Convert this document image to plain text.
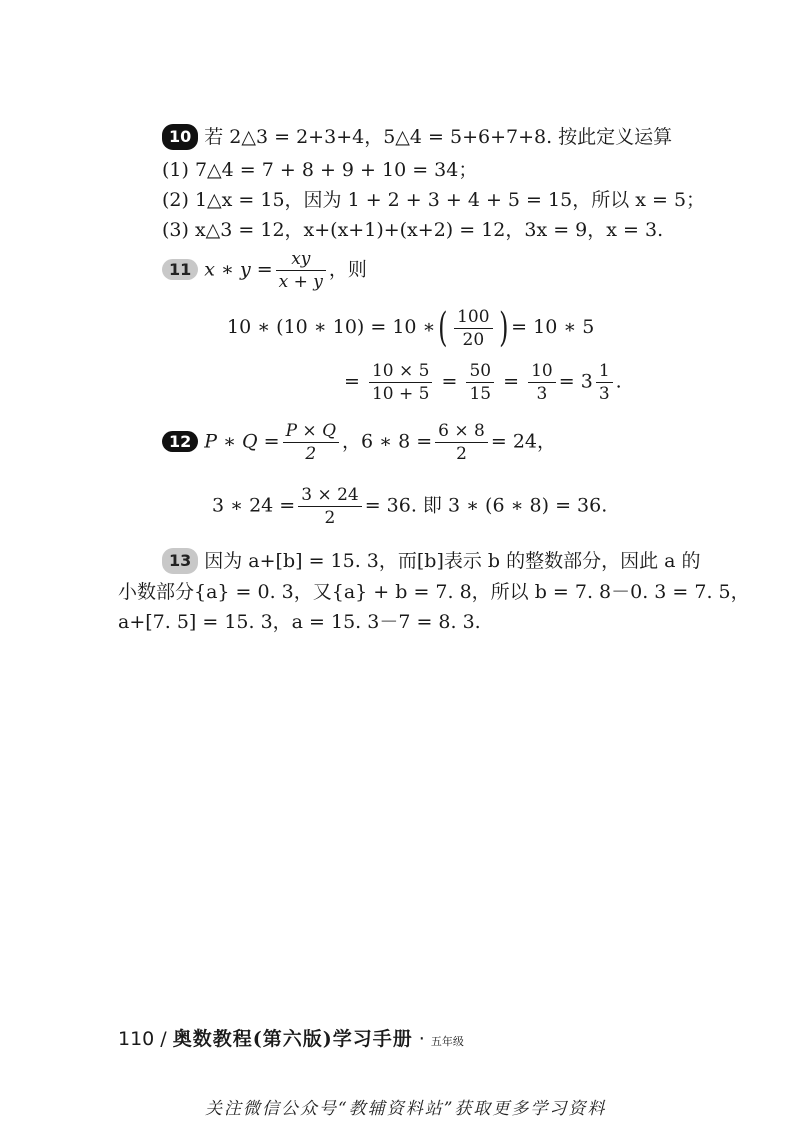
10 若 2△3 = 2+3+4，5△4 = 5+6+7+8. 按此定义运算
(1) 7△4 = 7 + 8 + 9 + 10 = 34；
(2) 1△x = 15，因为 1 + 2 + 3 + 4 + 5 = 15，所以 x = 5；
(3) x△3 = 12，x+(x+1)+(x+2) = 12，3x = 9，x = 3.
11 x ∗ $y = \frac{xy}{x + y}$ ，则
10 ∗ (10 ∗ 10) = 10 ∗( $\frac{100}{20}$ ) = 10 ∗ 5
= $\frac{10 \times 5}{10 + 5} = \frac{50}{15} = \frac{10}{3} = 3 \frac{1}{3}$ .
12 P ∗ $Q = \frac{P \times Q}{2}$ ，6 ∗ $8 = \frac{6 \times 8}{2} = 24$，
3 ∗ $24 = \frac{3 \times 24}{2} = 36$. 即 3 ∗ (6 ∗ 8) = 36.
13 因为 a+[b] = 15. 3，而[b]表示 b 的整数部分，因此 a 的
小数部分{a} = 0. 3，又{a} + b = 7. 8，所以 b = 7. 8－0. 3 = 7. 5，
a+[7. 5] = 15. 3，a = 15. 3－7 = 8. 3.
110 / 奥数教程(第六版)学习手册 · 五年级
关注微信公众号“教辅资料站”获取更多学习资料
